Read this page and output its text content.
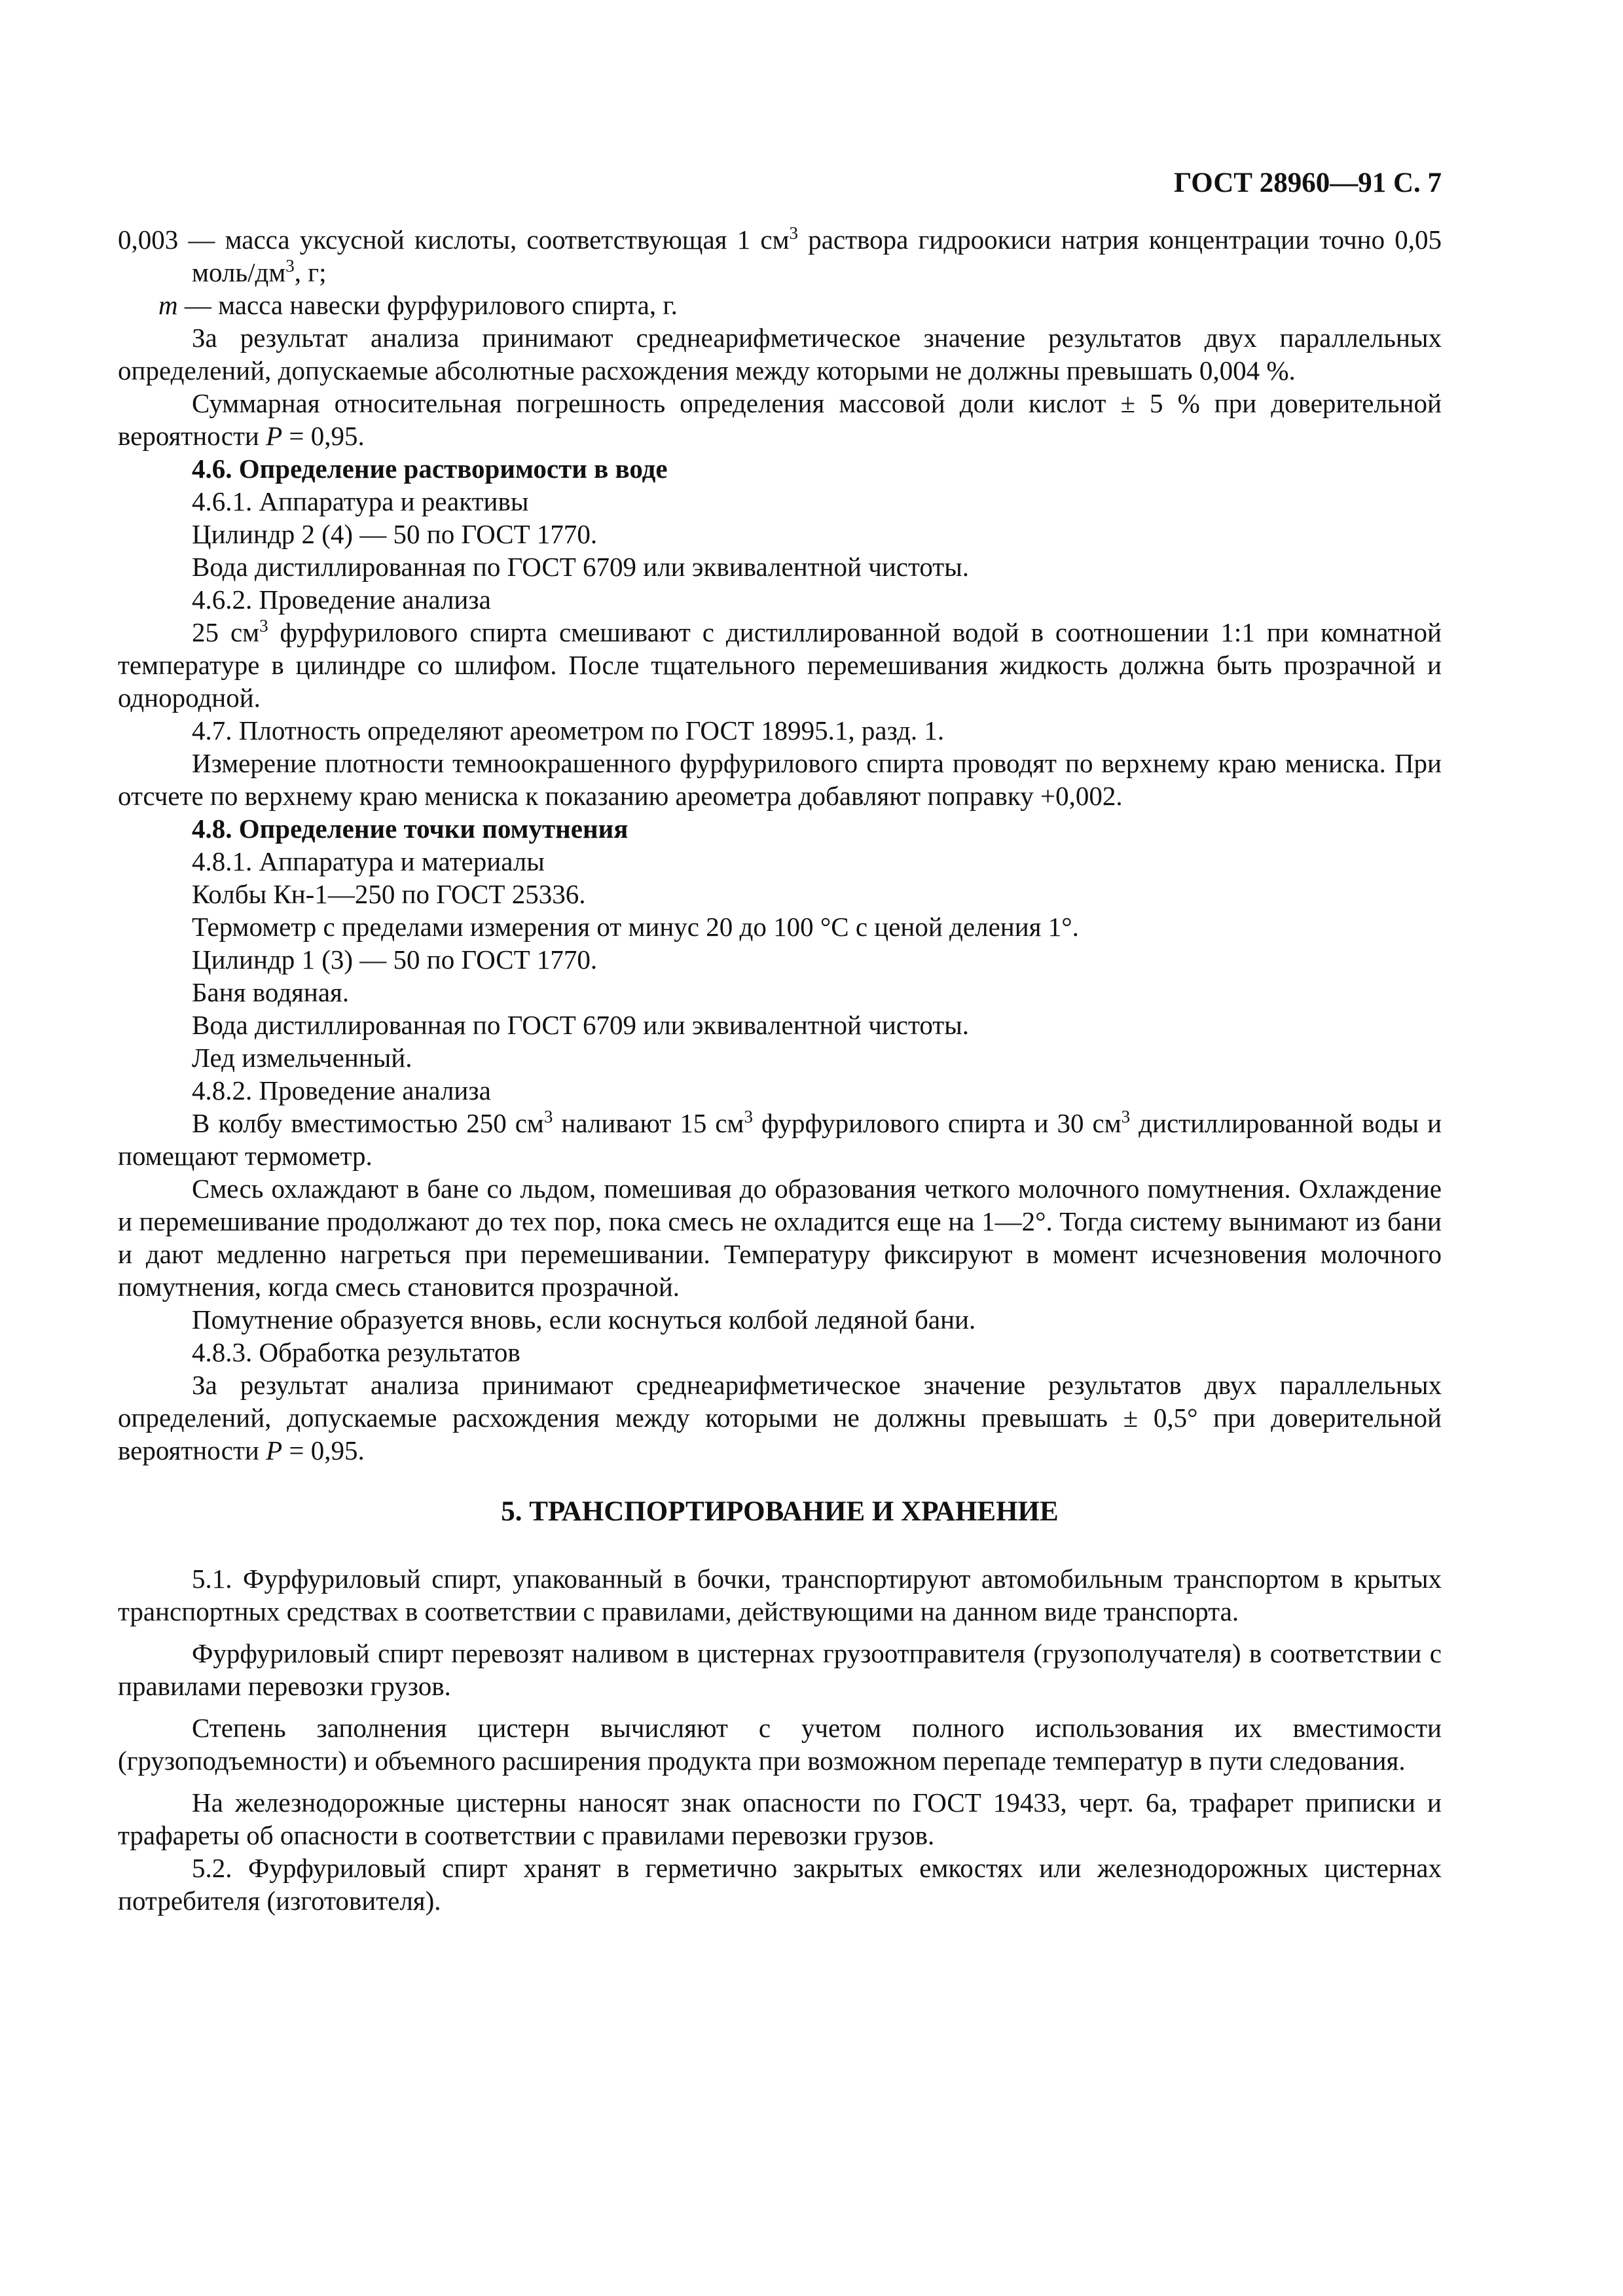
ГОСТ 28960—91 С. 7

0,003 — масса уксусной кислоты, соответствующая 1 $см^3$ раствора гидроокиси натрия концентрации точно 0,05 моль/$дм^3$, г;

m — масса навески фурфурилового спирта, г.

За результат анализа принимают среднеарифметическое значение результатов двух параллельных определений, допускаемые абсолютные расхождения между которыми не должны превышать 0,004 %.

Суммарная относительная погрешность определения массовой доли кислот ± 5 % при доверительной вероятности P = 0,95.

4.6. Определение растворимости в воде

4.6.1. Аппаратура и реактивы

Цилиндр 2 (4) — 50 по ГОСТ 1770.

Вода дистиллированная по ГОСТ 6709 или эквивалентной чистоты.

4.6.2. Проведение анализа

25 $см^3$ фурфурилового спирта смешивают с дистиллированной водой в соотношении 1:1 при комнатной температуре в цилиндре со шлифом. После тщательного перемешивания жидкость должна быть прозрачной и однородной.

4.7. Плотность определяют ареометром по ГОСТ 18995.1, разд. 1.

Измерение плотности темноокрашенного фурфурилового спирта проводят по верхнему краю мениска. При отсчете по верхнему краю мениска к показанию ареометра добавляют поправку +0,002.

4.8. Определение точки помутнения

4.8.1. Аппаратура и материалы

Колбы Кн-1—250 по ГОСТ 25336.

Термометр с пределами измерения от минус 20 до 100 °С с ценой деления 1°.

Цилиндр 1 (3) — 50 по ГОСТ 1770.

Баня водяная.

Вода дистиллированная по ГОСТ 6709 или эквивалентной чистоты.

Лед измельченный.

4.8.2. Проведение анализа

В колбу вместимостью 250 $см^3$ наливают 15 $см^3$ фурфурилового спирта и 30 $см^3$ дистиллированной воды и помещают термометр.

Смесь охлаждают в бане со льдом, помешивая до образования четкого молочного помутнения. Охлаждение и перемешивание продолжают до тех пор, пока смесь не охладится еще на 1—2°. Тогда систему вынимают из бани и дают медленно нагреться при перемешивании. Температуру фиксируют в момент исчезновения молочного помутнения, когда смесь становится прозрачной.

Помутнение образуется вновь, если коснуться колбой ледяной бани.

4.8.3. Обработка результатов

За результат анализа принимают среднеарифметическое значение результатов двух параллельных определений, допускаемые расхождения между которыми не должны превышать ± 0,5° при доверительной вероятности P = 0,95.

5. ТРАНСПОРТИРОВАНИЕ И ХРАНЕНИЕ

5.1. Фурфуриловый спирт, упакованный в бочки, транспортируют автомобильным транспортом в крытых транспортных средствах в соответствии с правилами, действующими на данном виде транспорта.

Фурфуриловый спирт перевозят наливом в цистернах грузоотправителя (грузополучателя) в соответствии с правилами перевозки грузов.

Степень заполнения цистерн вычисляют с учетом полного использования их вместимости (грузоподъемности) и объемного расширения продукта при возможном перепаде температур в пути следования.

На железнодорожные цистерны наносят знак опасности по ГОСТ 19433, черт. 6а, трафарет приписки и трафареты об опасности в соответствии с правилами перевозки грузов.

5.2. Фурфуриловый спирт хранят в герметично закрытых емкостях или железнодорожных цистернах потребителя (изготовителя).
